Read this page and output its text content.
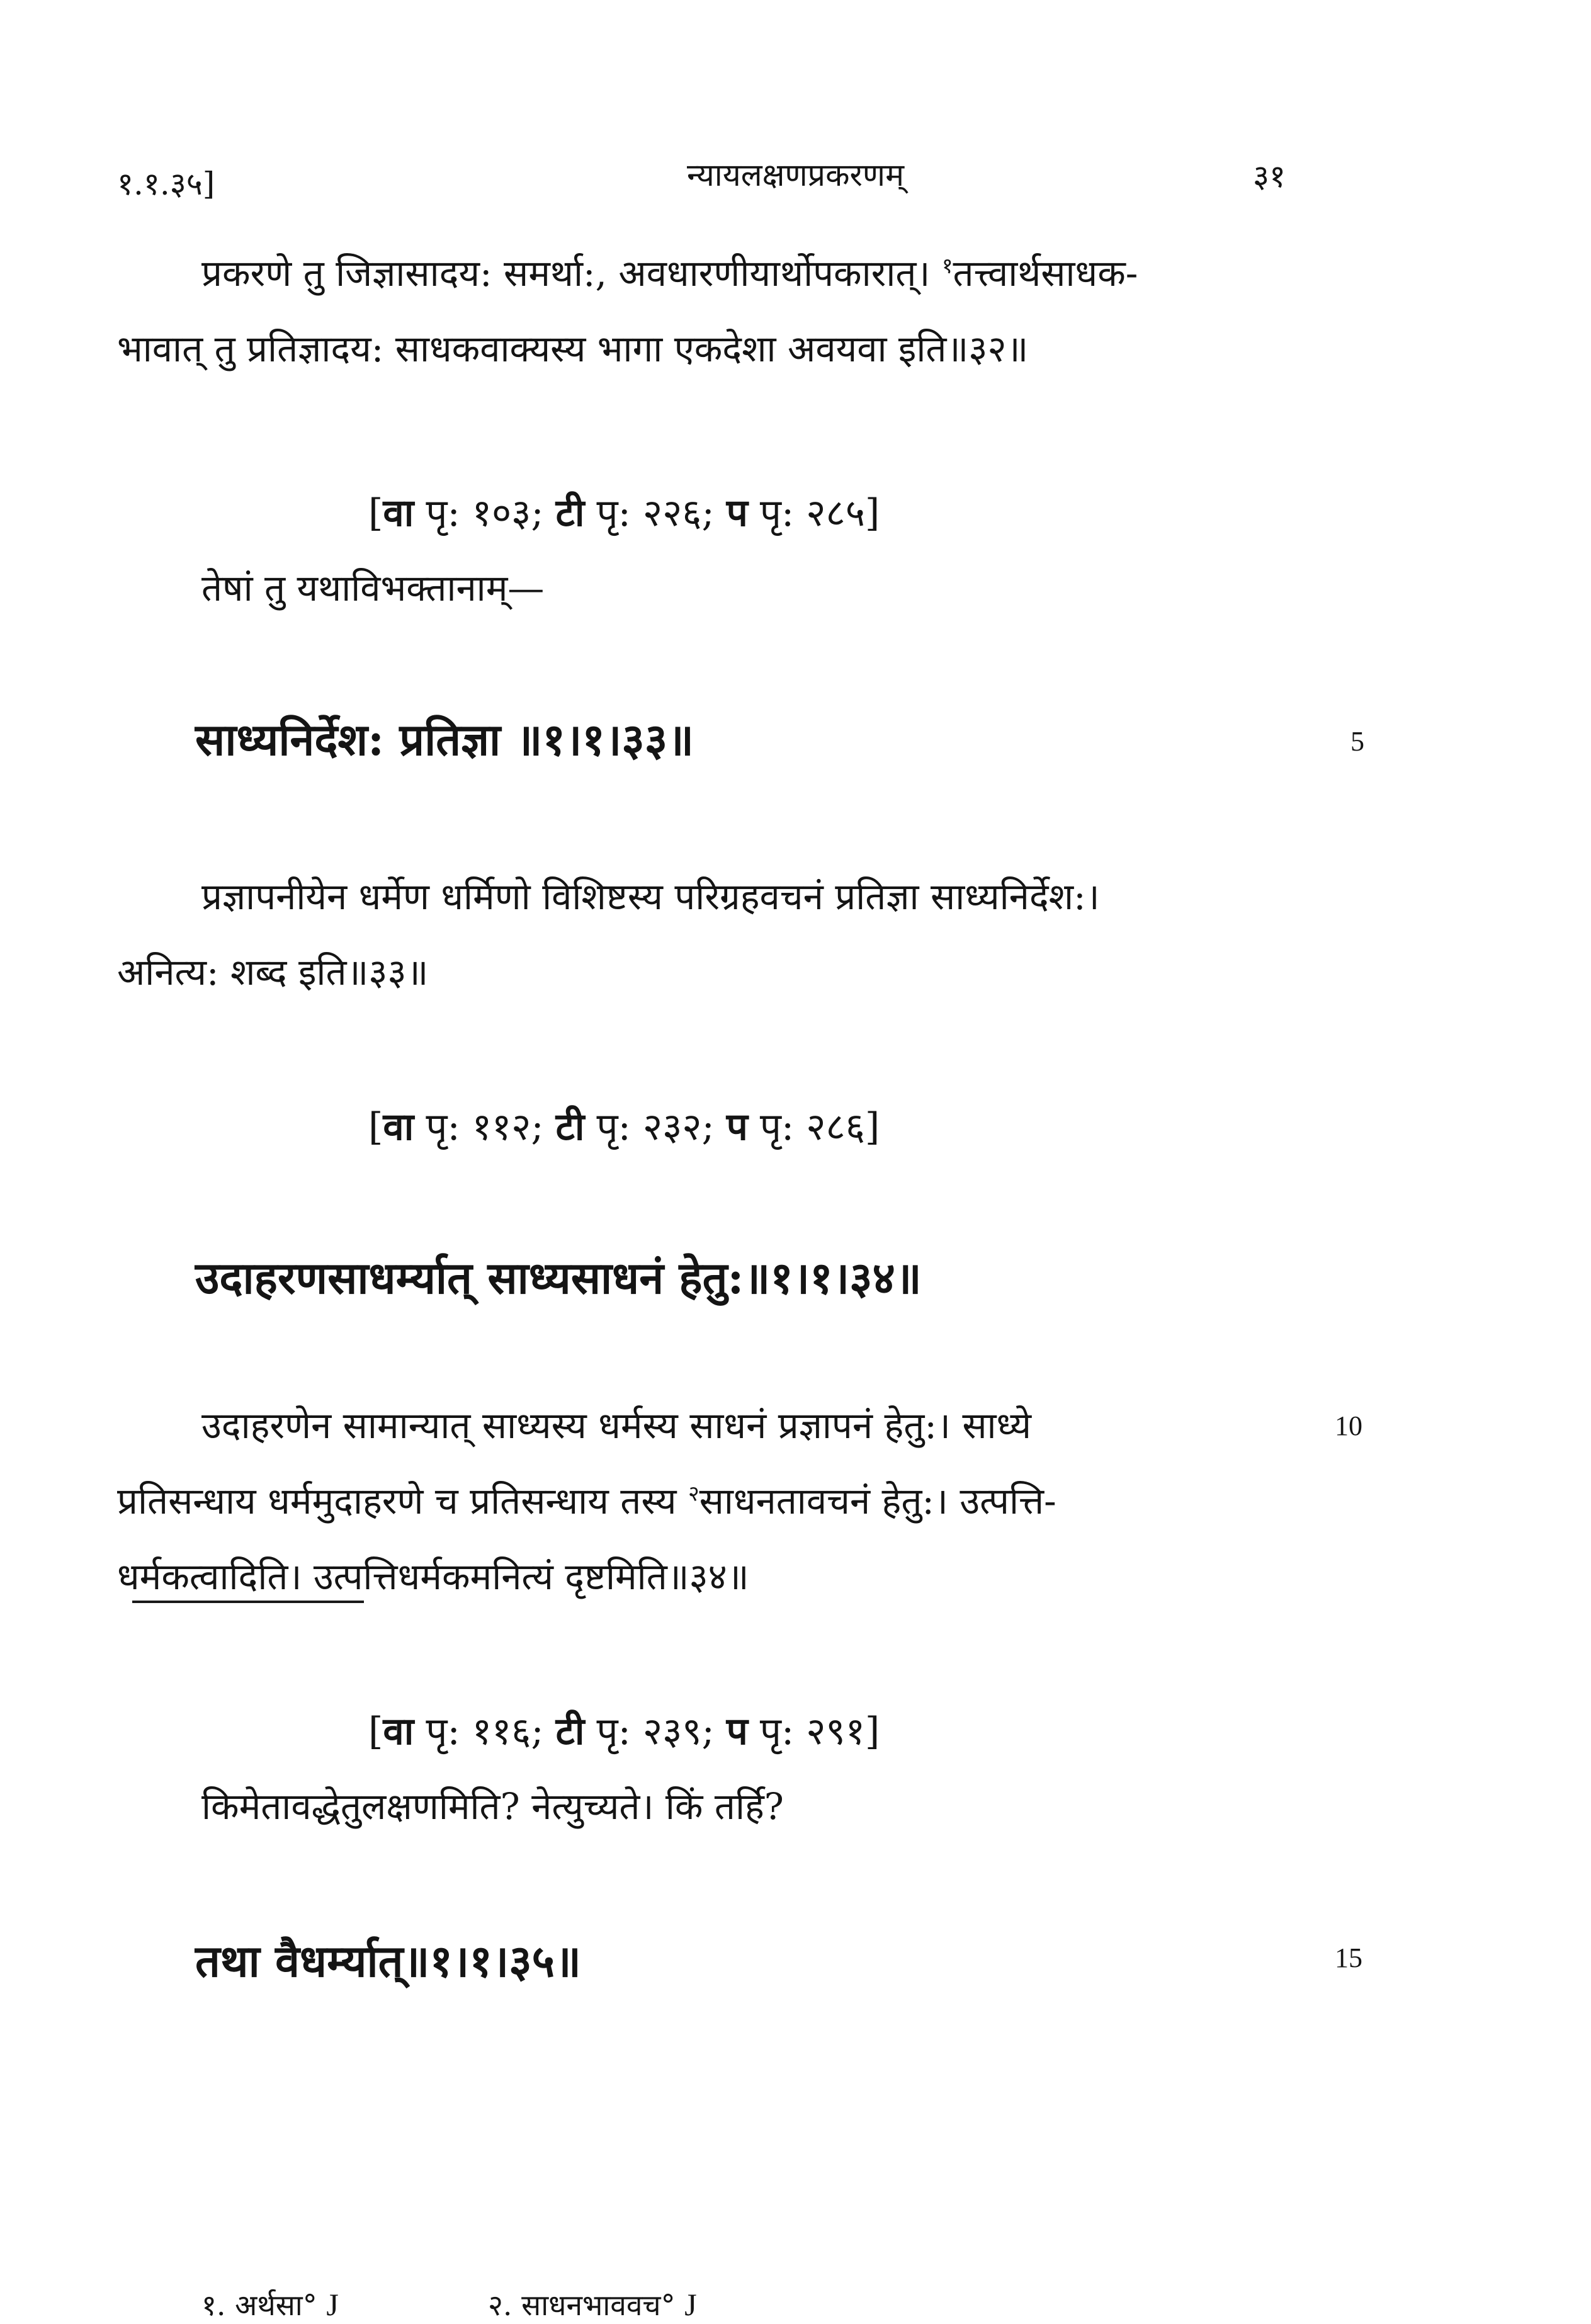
१.१.३५]	न्यायलक्षणप्रकरणम्	३१
प्रकरणे तु जिज्ञासादय: समर्था:, अवधारणीयार्थोपकारात्। $^१$तत्त्वार्थसाधक-
भावात् तु प्रतिज्ञादय: साधकवाक्यस्य भागा एकदेशा अवयवा इति॥३२॥
[वा पृ: १०३; टी पृ: २२६; प पृ: २८५]
तेषां तु यथाविभक्तानाम्—
साध्यनिर्देश: प्रतिज्ञा ॥१।१।३३॥	5
प्रज्ञापनीयेन धर्मेण धर्मिणो विशिष्टस्य परिग्रहवचनं प्रतिज्ञा साध्यनिर्देश:।
अनित्य: शब्द इति॥३३॥
[वा पृ: ११२; टी पृ: २३२; प पृ: २८६]
उदाहरणसाधर्म्यात् साध्यसाधनं हेतु:॥१।१।३४॥
उदाहरणेन सामान्यात् साध्यस्य धर्मस्य साधनं प्रज्ञापनं हेतु:। साध्ये	10
प्रतिसन्धाय धर्ममुदाहरणे च प्रतिसन्धाय तस्य $^२$साधनतावचनं हेतु:। उत्पत्ति-
धर्मकत्वादिति। उत्पत्तिधर्मकमनित्यं दृष्टमिति॥३४॥
[वा पृ: ११६; टी पृ: २३९; प पृ: २९१]
किमेतावद्धेतुलक्षणमिति? नेत्युच्यते। किं तर्हि?
तथा वैधर्म्यात्॥१।१।३५॥	15
१. अर्थसा° J	२. साधनभाववच° J
